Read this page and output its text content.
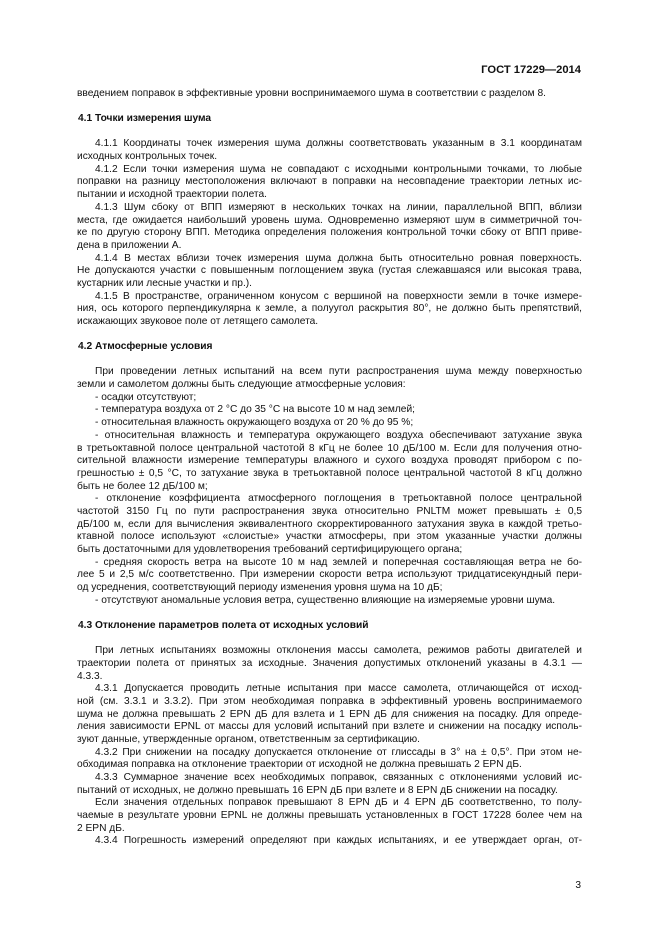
ГОСТ 17229—2014
введением поправок в эффективные уровни воспринимаемого шума в соответствии с разделом 8.
4.1 Точки измерения шума
4.1.1 Координаты точек измерения шума должны соответствовать указанным в 3.1 координатам
исходных контрольных точек.
4.1.2 Если точки измерения шума не совпадают с исходными контрольными точками, то любые
поправки на разницу местоположения включают в поправки на несовпадение траектории летных ис-
пытании и исходной траектории полета.
4.1.3 Шум сбоку от ВПП измеряют в нескольких точках на линии, параллельной ВПП, вблизи
места, где ожидается наибольший уровень шума. Одновременно измеряют шум в симметричной точ-
ке по другую сторону ВПП. Методика определения положения контрольной точки сбоку от ВПП приве-
дена в приложении А.
4.1.4 В местах вблизи точек измерения шума должна быть относительно ровная поверхность.
Не допускаются участки с повышенным поглощением звука (густая слежавшаяся или высокая трава,
кустарник или лесные участки и пр.).
4.1.5 В пространстве, ограниченном конусом с вершиной на поверхности земли в точке измере-
ния, ось которого перпендикулярна к земле, а полуугол раскрытия 80°, не должно быть препятствий,
искажающих звуковое поле от летящего самолета.
4.2 Атмосферные условия
При проведении летных испытаний на всем пути распространения шума между поверхностью
земли и самолетом должны быть следующие атмосферные условия:
- осадки отсутствуют;
- температура воздуха от 2 °С до 35 °С на высоте 10 м над землей;
- относительная влажность окружающего воздуха от 20 % до 95 %;
- относительная влажность и температура окружающего воздуха обеспечивают затухание звука
в третьоктавной полосе центральной частотой 8 кГц не более 10 дБ/100 м. Если для получения отно-
сительной влажности измерение температуры влажного и сухого воздуха проводят прибором с по-
грешностью ± 0,5 °С, то затухание звука в третьоктавной полосе центральной частотой 8 кГц должно
быть не более 12 дБ/100 м;
- отклонение коэффициента атмосферного поглощения в третьоктавной полосе центральной
частотой 3150 Гц по пути распространения звука относительно PNLTM может превышать ± 0,5
дБ/100 м, если для вычисления эквивалентного скорректированного затухания звука в каждой третьо-
ктавной полосе используют «слоистые» участки атмосферы, при этом указанные участки должны
быть достаточными для удовлетворения требований сертифицирующего органа;
- средняя скорость ветра на высоте 10 м над землей и поперечная составляющая ветра не бо-
лее 5 и 2,5 м/с соответственно. При измерении скорости ветра используют тридцатисекундный пери-
од усреднения, соответствующий периоду изменения уровня шума на 10 дБ;
- отсутствуют аномальные условия ветра, существенно влияющие на измеряемые уровни шума.
4.3 Отклонение параметров полета от исходных условий
При летных испытаниях возможны отклонения массы самолета, режимов работы двигателей и
траектории полета от принятых за исходные. Значения допустимых отклонений указаны в 4.3.1 —
4.3.3.
4.3.1 Допускается проводить летные испытания при массе самолета, отличающейся от исход-
ной (см. 3.3.1 и 3.3.2). При этом необходимая поправка в эффективный уровень воспринимаемого
шума не должна превышать 2 EPN дБ для взлета и 1 EPN дБ для снижения на посадку. Для опреде-
ления зависимости EPNL от массы для условий испытаний при взлете и снижении на посадку исполь-
зуют данные, утвержденные органом, ответственным за сертификацию.
4.3.2 При снижении на посадку допускается отклонение от глиссады в 3° на ± 0,5°. При этом не-
обходимая поправка на отклонение траектории от исходной не должна превышать 2 EPN дБ.
4.3.3 Суммарное значение всех необходимых поправок, связанных с отклонениями условий ис-
пытаний от исходных, не должно превышать 16 EPN дБ при взлете и 8 EPN дБ снижении на посадку.
Если значения отдельных поправок превышают 8 EPN дБ и 4 EPN дБ соответственно, то полу-
чаемые в результате уровни EPNL не должны превышать установленных в ГОСТ 17228 более чем на
2 EPN дБ.
4.3.4 Погрешность измерений определяют при каждых испытаниях, и ее утверждает орган, от-
3
